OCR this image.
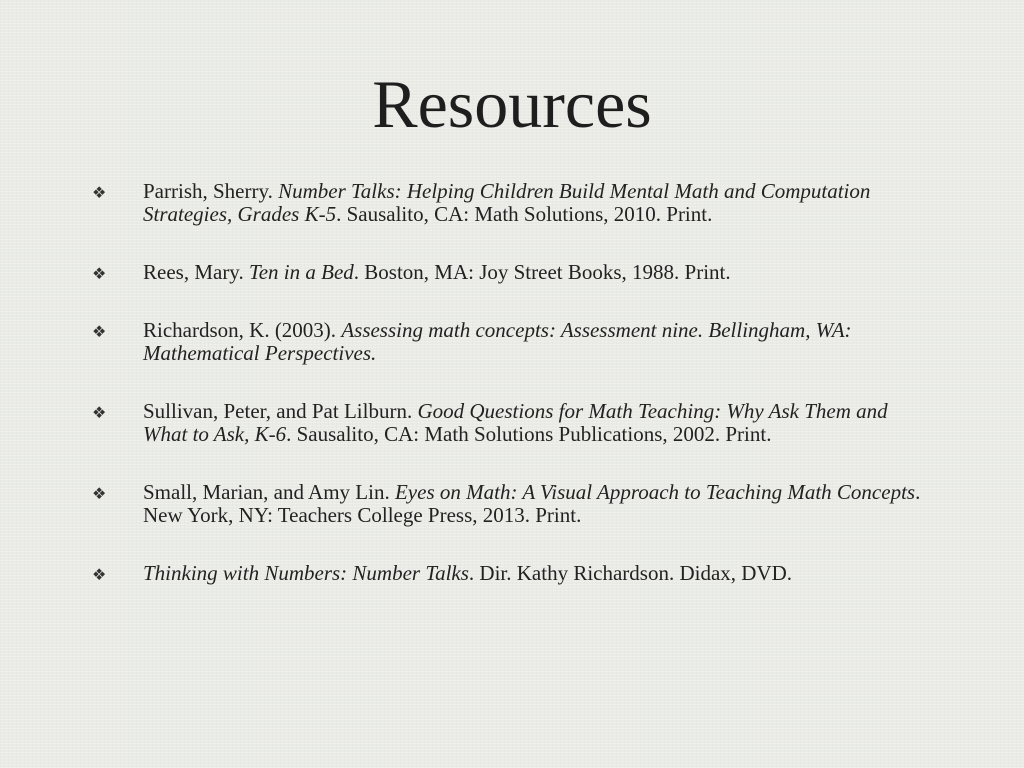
Resources
❖ Parrish, Sherry. Number Talks: Helping Children Build Mental Math and Computation Strategies, Grades K-5. Sausalito, CA: Math Solutions, 2010. Print.
❖ Rees, Mary. Ten in a Bed. Boston, MA: Joy Street Books, 1988. Print.
❖ Richardson, K. (2003). Assessing math concepts: Assessment nine. Bellingham, WA: Mathematical Perspectives.
❖ Sullivan, Peter, and Pat Lilburn. Good Questions for Math Teaching: Why Ask Them and What to Ask, K-6. Sausalito, CA: Math Solutions Publications, 2002. Print.
❖ Small, Marian, and Amy Lin. Eyes on Math: A Visual Approach to Teaching Math Concepts. New York, NY: Teachers College Press, 2013. Print.
❖ Thinking with Numbers: Number Talks. Dir. Kathy Richardson. Didax, DVD.
